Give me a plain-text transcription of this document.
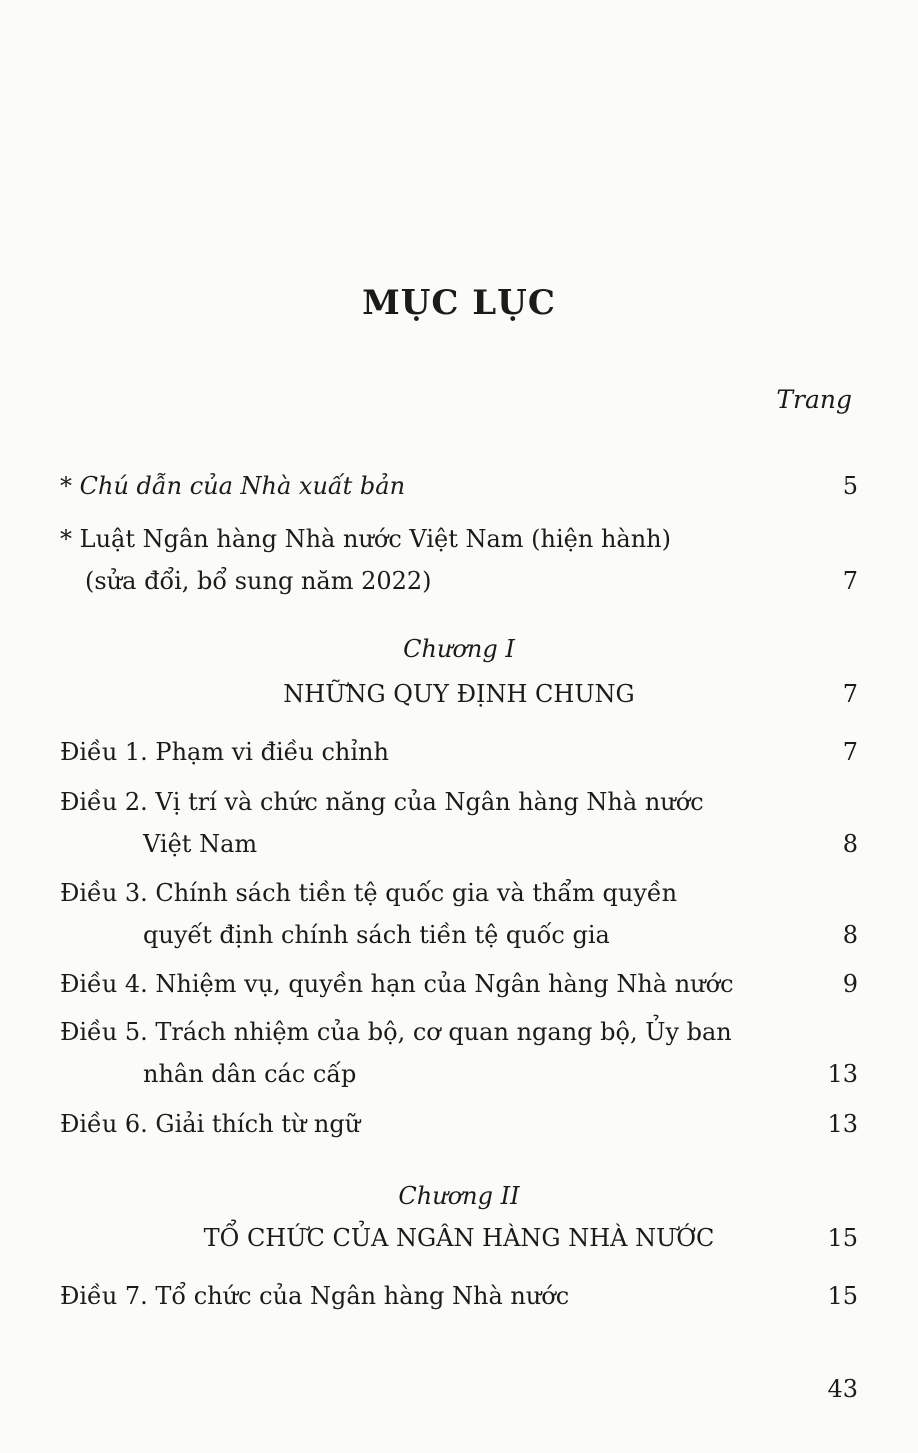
MỤC LỤC
Trang
* Chú dẫn của Nhà xuất bản	5
* Luật Ngân hàng Nhà nước Việt Nam (hiện hành)
(sửa đổi, bổ sung năm 2022)	7
Chương I
NHỮNG QUY ĐỊNH CHUNG	7
Điều 1. Phạm vi điều chỉnh	7
Điều 2. Vị trí và chức năng của Ngân hàng Nhà nước
Việt Nam	8
Điều 3. Chính sách tiền tệ quốc gia và thẩm quyền
quyết định chính sách tiền tệ quốc gia	8
Điều 4. Nhiệm vụ, quyền hạn của Ngân hàng Nhà nước	9
Điều 5. Trách nhiệm của bộ, cơ quan ngang bộ, Ủy ban
nhân dân các cấp	13
Điều 6. Giải thích từ ngữ	13
Chương II
TỔ CHỨC CỦA NGÂN HÀNG NHÀ NƯỚC	15
Điều 7. Tổ chức của Ngân hàng Nhà nước	15
43
